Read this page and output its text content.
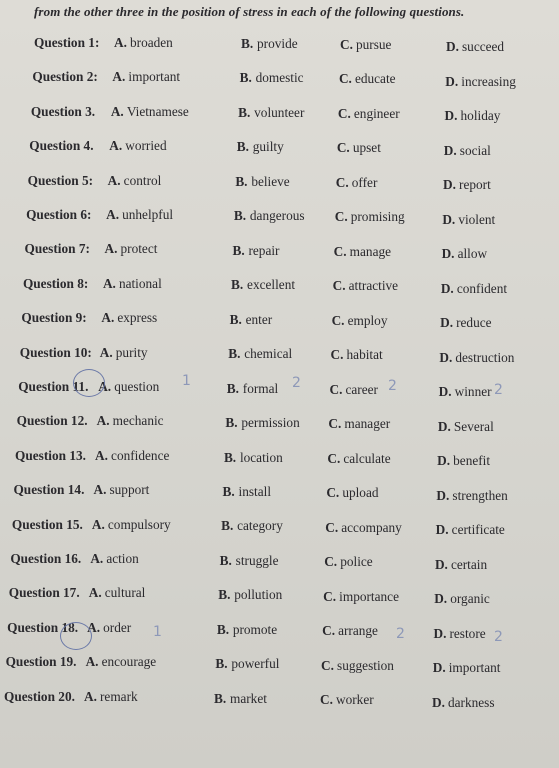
from the other three in the position of stress in each of the following questions.
Question 1: A. broaden	B. provide	C. pursue	D. succeed
Question 2: A. important	B. domestic	C. educate	D. increasing
Question 3. A. Vietnamese	B. volunteer	C. engineer	D. holiday
Question 4. A. worried	B. guilty	C. upset	D. social
Question 5: A. control	B. believe	C. offer	D. report
Question 6: A. unhelpful	B. dangerous C. promising	D. violent
Question 7: A. protect	B. repair	C. manage	D. allow
Question 8: A. national	B. excellent	C. attractive	D. confident
Question 9: A. express	B. enter	C. employ	D. reduce
Question 10: A. purity	B. chemical	C. habitat	D. destruction
Question 11. A. question	B. formal	C. career	D. winner
Question 12. A. mechanic	B. permission C. manager	D. Several
Question 13. A. confidence	B. location	C. calculate	D. benefit
Question 14. A. support	B. install	C. upload	D. strengthen
Question 15. A. compulsory	B. category	C. accompany	D. certificate
Question 16. A. action	B. struggle	C. police	D. certain
Question 17. A. cultural	B. pollution	C. importance	D. organic
Question 18. A. order	B. promote	C. arrange	D. restore
Question 19. A. encourage	B. powerful	C. suggestion	D. important
Question 20. A. remark	B. market	C. worker	D. darkness
1	2	2	2
1	2	2
